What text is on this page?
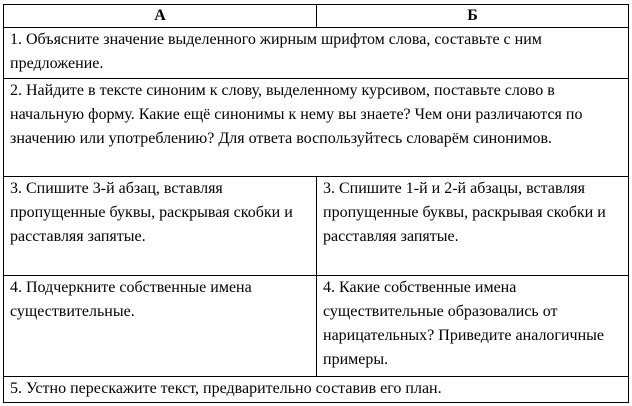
А	Б

1. Объясните значение выделенного жирным шрифтом слова, составьте с ним предложение.	

2. Найдите в тексте синоним к слову, выделенному курсивом, поставьте слово в начальную форму. Какие ещё синонимы к нему вы знаете? Чем они различаются по значению или употреблению? Для ответа воспользуйтесь словарём синонимов.	

3. Спишите 3-й абзац, вставляя пропущенные буквы, раскрывая скобки и расставляя запятые.	3. Спишите 1-й и 2-й абзацы, вставляя пропущенные буквы, раскрывая скобки и расставляя запятые.

4. Подчеркните собственные имена существительные.	4. Какие собственные имена существительные образовались от нарицательных? Приведите аналогичные примеры.

5. Устно перескажите текст, предварительно составив его план.	
